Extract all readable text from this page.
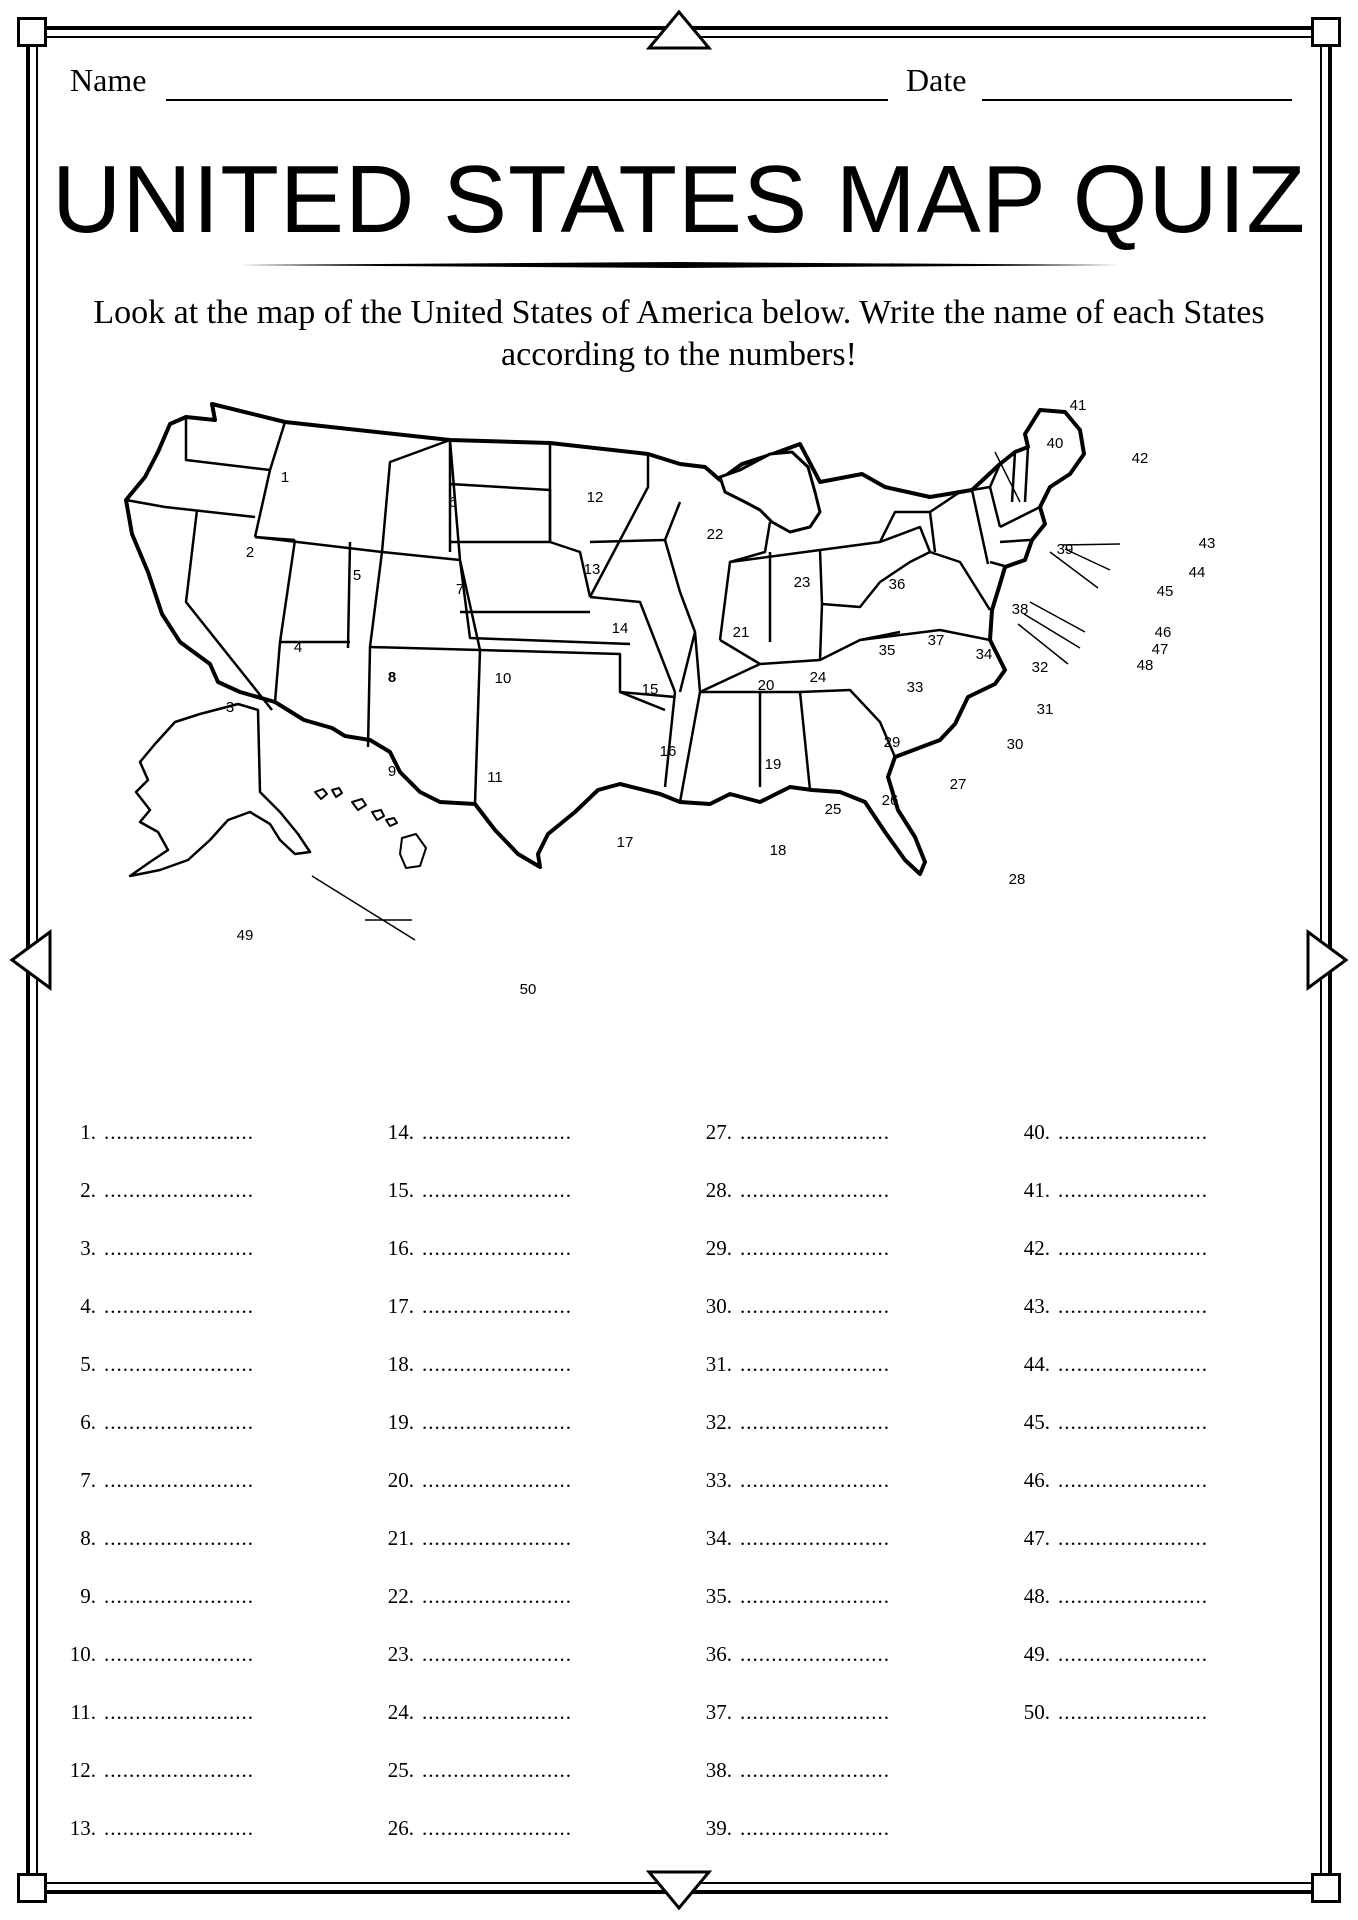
Name	Date
UNITED STATES MAP QUIZ
Look at the map of the United States of America below. Write the name of each States according to the numbers!
1
2
3
4
5
6
7
8
9
10
11
12
13
14
15
16
17	18
19
20
21
22
23
24
25
26
27
28
29	30
31
32
33
34
35
36
37
38
39
40
41
42
43
44
45
46
47
48
49
50
1. ........................
2. ........................
3. ........................
4. ........................
5. ........................
6. ........................
7. ........................
8. ........................
9. ........................
10. ........................
11. ........................
12. ........................
13. ........................
14. ........................
15. ........................
16. ........................
17. ........................
18. ........................
19. ........................
20. ........................
21. ........................
22. ........................
23. ........................
24. ........................
25. ........................
26. ........................
27. ........................
28. ........................
29. ........................
30. ........................
31. ........................
32. ........................
33. ........................
34. ........................
35. ........................
36. ........................
37. ........................
38. ........................
39. ........................
40. ........................
41. ........................
42. ........................
43. ........................
44. ........................
45. ........................
46. ........................
47. ........................
48. ........................
49. ........................
50. ........................
